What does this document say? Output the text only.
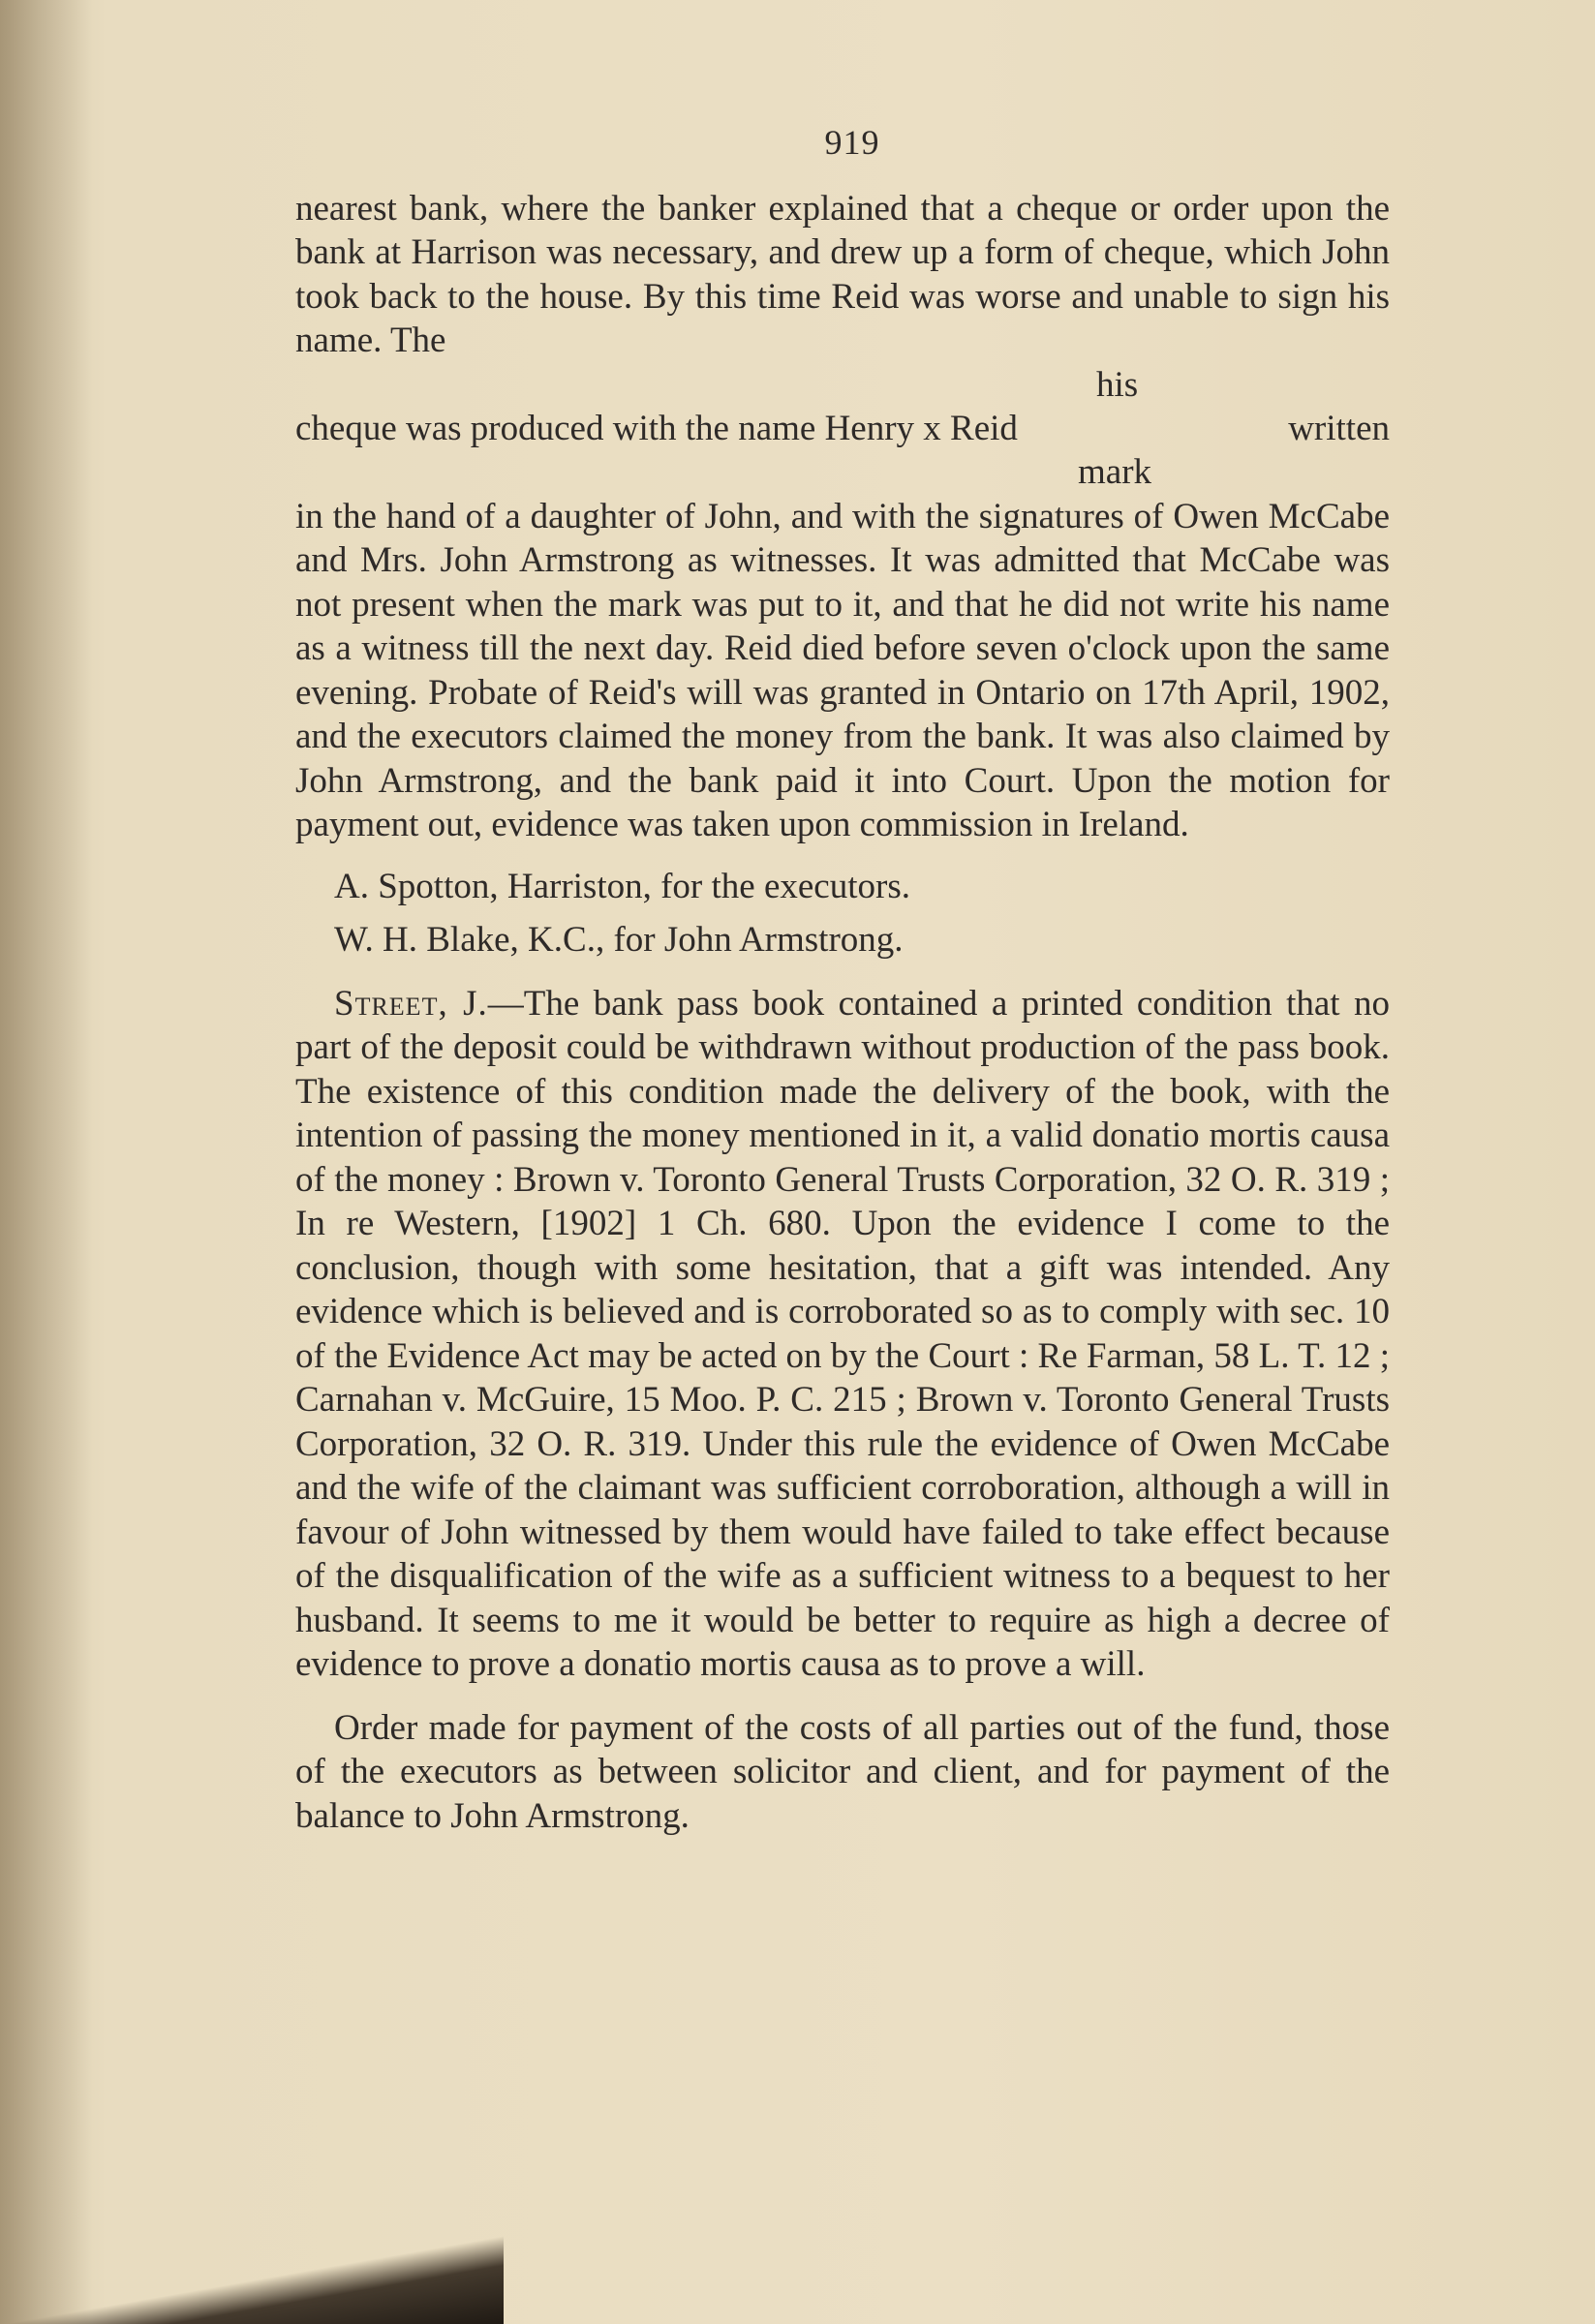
919

nearest bank, where the banker explained that a cheque or order upon the bank at Harrison was necessary, and drew up a form of cheque, which John took back to the house. By this time Reid was worse and unable to sign his name. The

his
cheque was produced with the name Henry x Reid	written
mark

in the hand of a daughter of John, and with the signatures of Owen McCabe and Mrs. John Armstrong as witnesses. It was admitted that McCabe was not present when the mark was put to it, and that he did not write his name as a witness till the next day. Reid died before seven o'clock upon the same evening. Probate of Reid's will was granted in Ontario on 17th April, 1902, and the executors claimed the money from the bank. It was also claimed by John Armstrong, and the bank paid it into Court. Upon the motion for payment out, evidence was taken upon commission in Ireland.

A. Spotton, Harriston, for the executors.

W. H. Blake, K.C., for John Armstrong.

Street, J.—The bank pass book contained a printed condition that no part of the deposit could be withdrawn without production of the pass book. The existence of this condition made the delivery of the book, with the intention of passing the money mentioned in it, a valid donatio mortis causa of the money : Brown v. Toronto General Trusts Corporation, 32 O. R. 319 ; In re Western, [1902] 1 Ch. 680. Upon the evidence I come to the conclusion, though with some hesitation, that a gift was intended. Any evidence which is believed and is corroborated so as to comply with sec. 10 of the Evidence Act may be acted on by the Court : Re Farman, 58 L. T. 12 ; Carnahan v. McGuire, 15 Moo. P. C. 215 ; Brown v. Toronto General Trusts Corporation, 32 O. R. 319. Under this rule the evidence of Owen McCabe and the wife of the claimant was sufficient corroboration, although a will in favour of John witnessed by them would have failed to take effect because of the disqualification of the wife as a sufficient witness to a bequest to her husband. It seems to me it would be better to require as high a decree of evidence to prove a donatio mortis causa as to prove a will.

Order made for payment of the costs of all parties out of the fund, those of the executors as between solicitor and client, and for payment of the balance to John Armstrong.
